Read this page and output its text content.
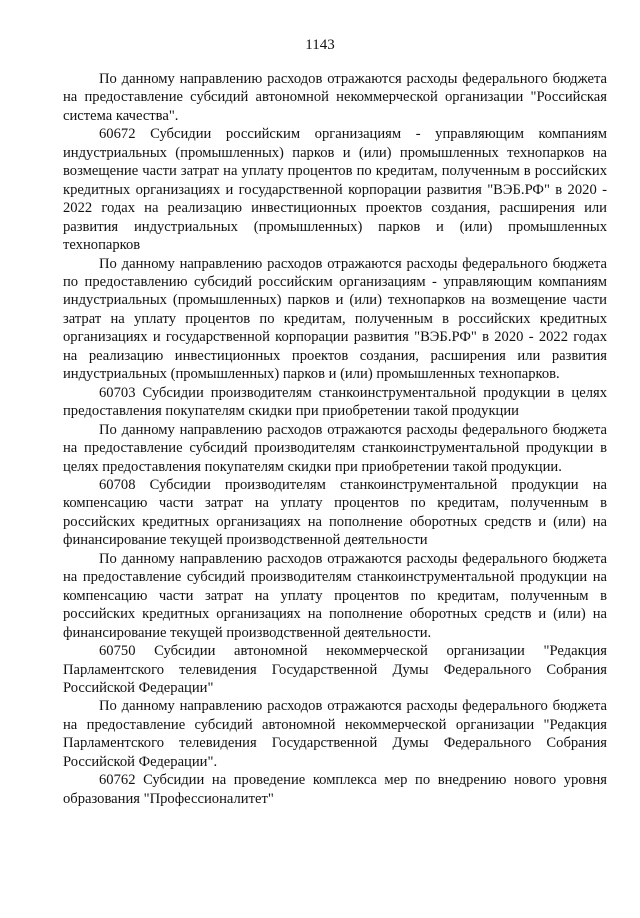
1143

По данному направлению расходов отражаются расходы федерального бюджета на предоставление субсидий автономной некоммерческой организации "Российская система качества".

60672 Субсидии российским организациям - управляющим компаниям индустриальных (промышленных) парков и (или) промышленных технопарков на возмещение части затрат на уплату процентов по кредитам, полученным в российских кредитных организациях и государственной корпорации развития "ВЭБ.РФ" в 2020 - 2022 годах на реализацию инвестиционных проектов создания, расширения или развития индустриальных (промышленных) парков и (или) промышленных технопарков

По данному направлению расходов отражаются расходы федерального бюджета по предоставлению субсидий российским организациям - управляющим компаниям индустриальных (промышленных) парков и (или) технопарков на возмещение части затрат на уплату процентов по кредитам, полученным в российских кредитных организациях и государственной корпорации развития "ВЭБ.РФ" в 2020 - 2022 годах на реализацию инвестиционных проектов создания, расширения или развития индустриальных (промышленных) парков и (или) промышленных технопарков.

60703 Субсидии производителям станкоинструментальной продукции в целях предоставления покупателям скидки при приобретении такой продукции

По данному направлению расходов отражаются расходы федерального бюджета на предоставление субсидий производителям станкоинструментальной продукции в целях предоставления покупателям скидки при приобретении такой продукции.

60708 Субсидии производителям станкоинструментальной продукции на компенсацию части затрат на уплату процентов по кредитам, полученным в российских кредитных организациях на пополнение оборотных средств и (или) на финансирование текущей производственной деятельности

По данному направлению расходов отражаются расходы федерального бюджета на предоставление субсидий производителям станкоинструментальной продукции на компенсацию части затрат на уплату процентов по кредитам, полученным в российских кредитных организациях на пополнение оборотных средств и (или) на финансирование текущей производственной деятельности.

60750 Субсидии автономной некоммерческой организации "Редакция Парламентского телевидения Государственной Думы Федерального Собрания Российской Федерации"

По данному направлению расходов отражаются расходы федерального бюджета на предоставление субсидий автономной некоммерческой организации "Редакция Парламентского телевидения Государственной Думы Федерального Собрания Российской Федерации".

60762 Субсидии на проведение комплекса мер по внедрению нового уровня образования "Профессионалитет"
